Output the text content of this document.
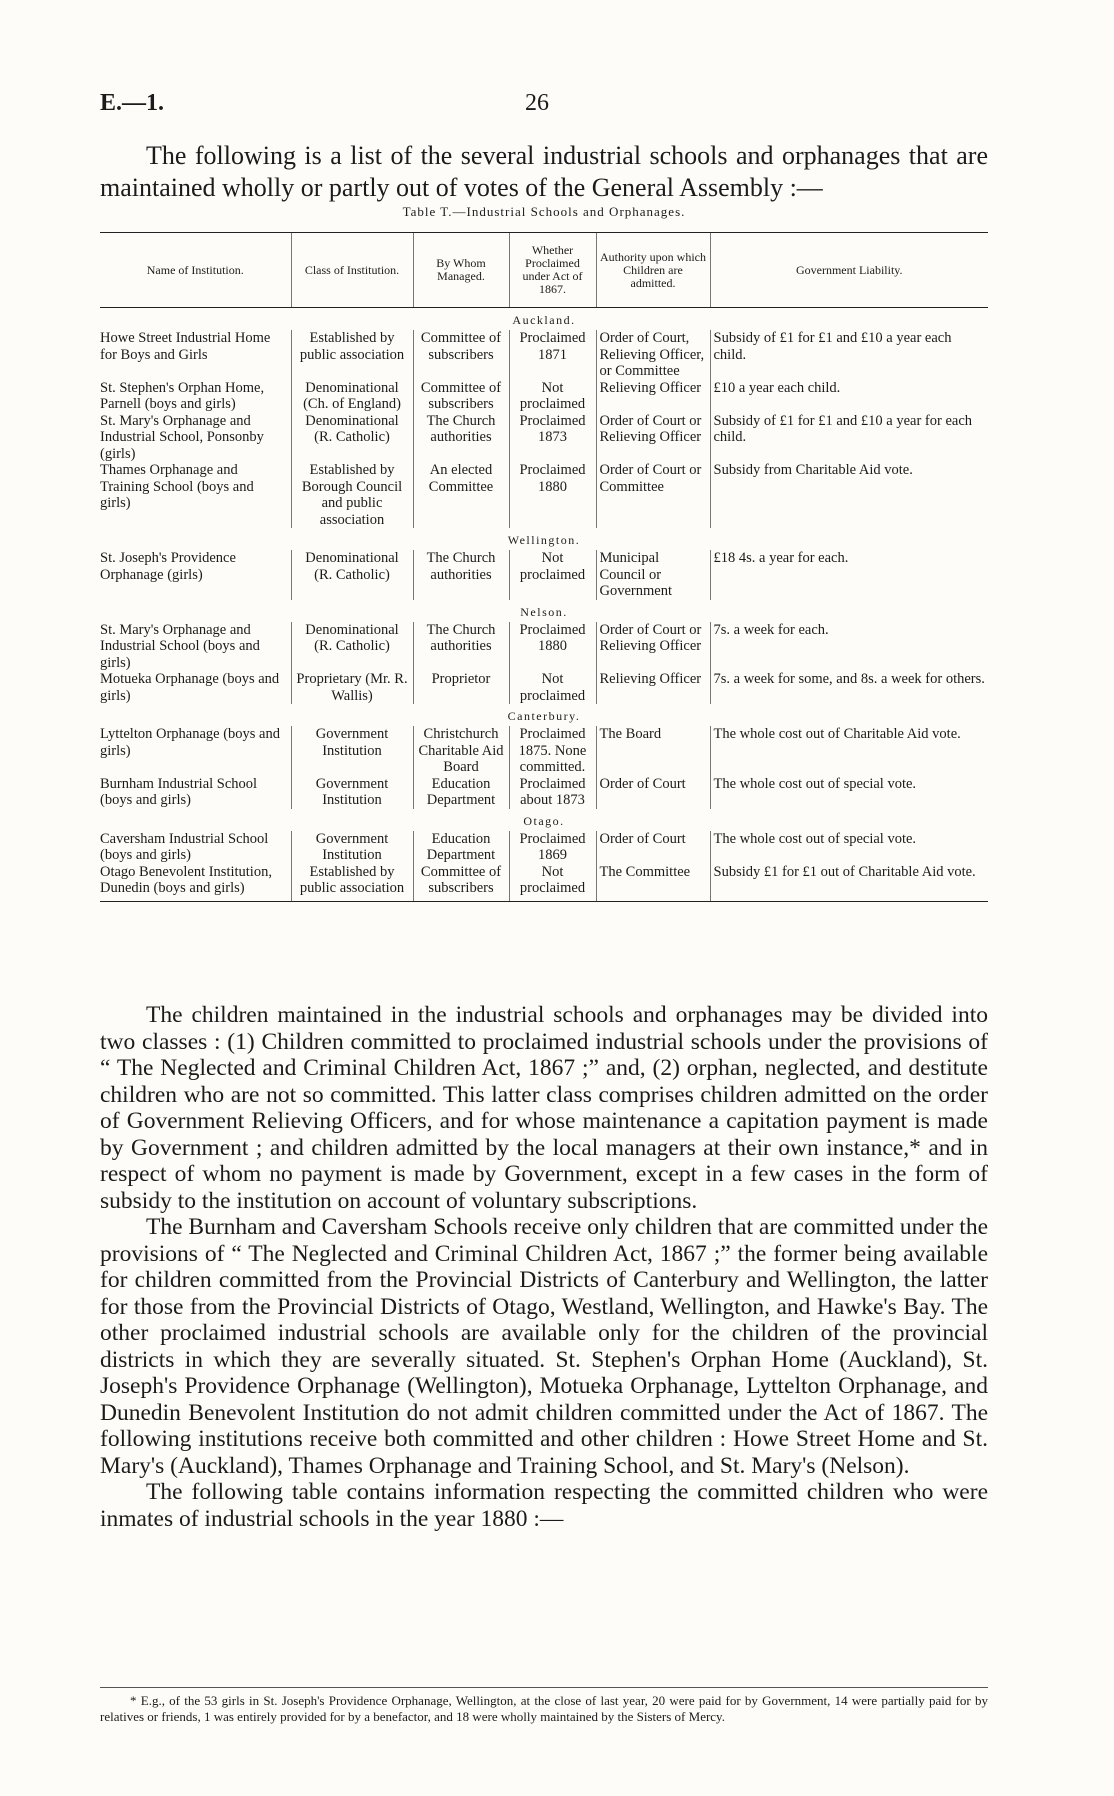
E.—1.	26

The following is a list of the several industrial schools and orphanages that are maintained wholly or partly out of votes of the General Assembly :—

Table T.—Industrial Schools and Orphanages.
Name of Institution.	Class of Institution.	By Whom Managed.	Whether Proclaimed under Act of 1867.	Authority upon which Children are admitted.	Government Liability.
Auckland.					
Howe Street Industrial Home for Boys and Girls	Established by public association	Committee of subscribers	Proclaimed 1871	Order of Court, Relieving Officer, or Committee	Subsidy of £1 for £1 and £10 a year each child.
St. Stephen's Orphan Home, Parnell (boys and girls)	Denominational (Ch. of England)	Committee of subscribers	Not proclaimed	Relieving Officer	£10 a year each child.
St. Mary's Orphanage and Industrial School, Ponsonby (girls)	Denominational (R. Catholic)	The Church authorities	Proclaimed 1873	Order of Court or Relieving Officer	Subsidy of £1 for £1 and £10 a year for each child.
Thames Orphanage and Training School (boys and girls)	Established by Borough Council and public association	An elected Committee	Proclaimed 1880	Order of Court or Committee	Subsidy from Charitable Aid vote.
Wellington.					
St. Joseph's Providence Orphanage (girls)	Denominational (R. Catholic)	The Church authorities	Not proclaimed	Municipal Council or Government	£18 4s. a year for each.
Nelson.					
St. Mary's Orphanage and Industrial School (boys and girls)	Denominational (R. Catholic)	The Church authorities	Proclaimed 1880	Order of Court or Relieving Officer	7s. a week for each.
Motueka Orphanage (boys and girls)	Proprietary (Mr. R. Wallis)	Proprietor	Not proclaimed	Relieving Officer	7s. a week for some, and 8s. a week for others.
Canterbury.					
Lyttelton Orphanage (boys and girls)	Government Institution	Christchurch Charitable Aid Board	Proclaimed 1875. None committed.	The Board	The whole cost out of Charitable Aid vote.
Burnham Industrial School (boys and girls)	Government Institution	Education Department	Proclaimed about 1873	Order of Court	The whole cost out of special vote.
Otago.					
Caversham Industrial School (boys and girls)	Government Institution	Education Department	Proclaimed 1869	Order of Court	The whole cost out of special vote.
Otago Benevolent Institution, Dunedin (boys and girls)	Established by public association	Committee of subscribers	Not proclaimed	The Committee	Subsidy £1 for £1 out of Charitable Aid vote.

The children maintained in the industrial schools and orphanages may be divided into two classes : (1) Children committed to proclaimed industrial schools under the provisions of “ The Neglected and Criminal Children Act, 1867 ;” and, (2) orphan, neglected, and destitute children who are not so committed. This latter class comprises children admitted on the order of Government Relieving Officers, and for whose maintenance a capitation payment is made by Government ; and children admitted by the local managers at their own instance,* and in respect of whom no payment is made by Government, except in a few cases in the form of subsidy to the institution on account of voluntary subscriptions.

The Burnham and Caversham Schools receive only children that are committed under the provisions of “ The Neglected and Criminal Children Act, 1867 ;” the former being available for children committed from the Provincial Districts of Canterbury and Wellington, the latter for those from the Provincial Districts of Otago, Westland, Wellington, and Hawke's Bay. The other proclaimed industrial schools are available only for the children of the provincial districts in which they are severally situated. St. Stephen's Orphan Home (Auckland), St. Joseph's Providence Orphanage (Wellington), Motueka Orphanage, Lyttelton Orphanage, and Dunedin Benevolent Institution do not admit children committed under the Act of 1867. The following institutions receive both committed and other children : Howe Street Home and St. Mary's (Auckland), Thames Orphanage and Training School, and St. Mary's (Nelson).

The following table contains information respecting the committed children who were inmates of industrial schools in the year 1880 :—

* E.g., of the 53 girls in St. Joseph's Providence Orphanage, Wellington, at the close of last year, 20 were paid for by Government, 14 were partially paid for by relatives or friends, 1 was entirely provided for by a benefactor, and 18 were wholly maintained by the Sisters of Mercy.
